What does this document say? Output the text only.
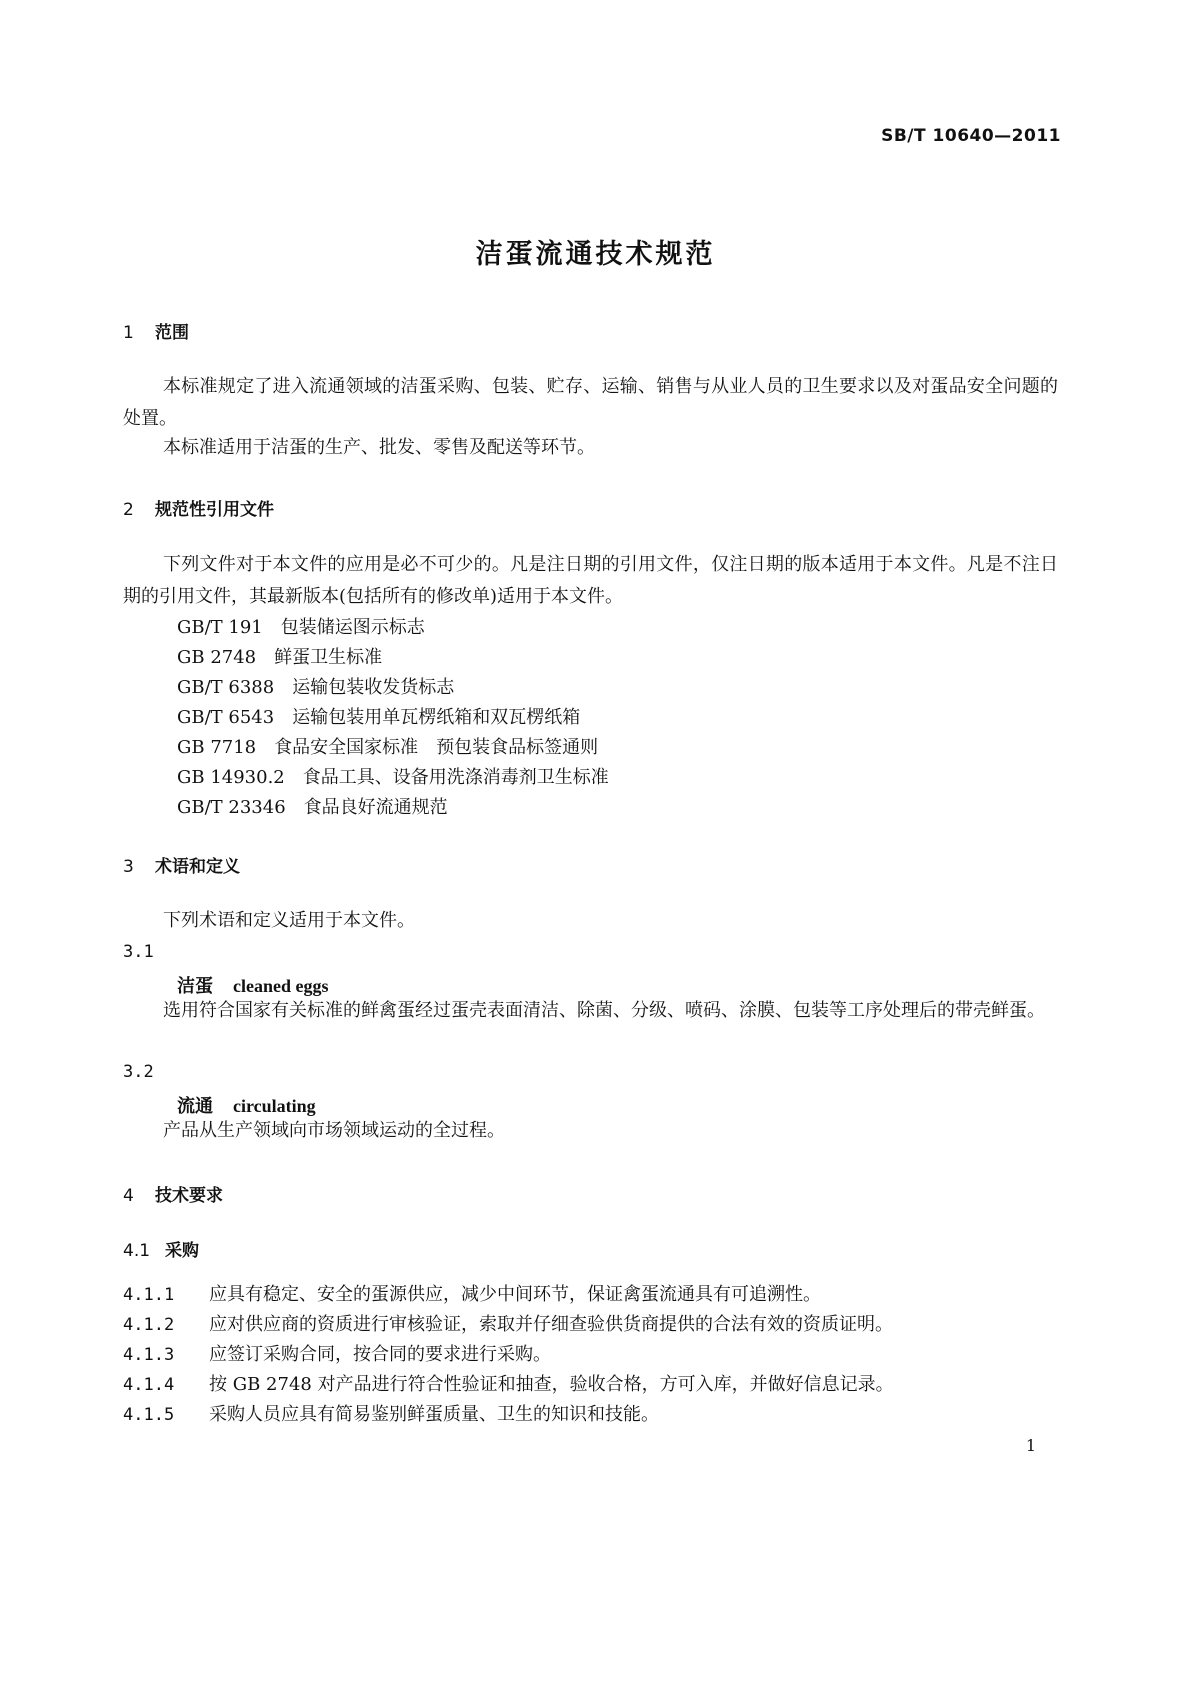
SB/T 10640—2011
洁蛋流通技术规范
1 范围
本标准规定了进入流通领域的洁蛋采购、包装、贮存、运输、销售与从业人员的卫生要求以及对蛋品安全问题的处置。
本标准适用于洁蛋的生产、批发、零售及配送等环节。
2 规范性引用文件
下列文件对于本文件的应用是必不可少的。凡是注日期的引用文件，仅注日期的版本适用于本文件。凡是不注日期的引用文件，其最新版本(包括所有的修改单)适用于本文件。
GB/T 191 包装储运图示标志
GB 2748 鲜蛋卫生标准
GB/T 6388 运输包装收发货标志
GB/T 6543 运输包装用单瓦楞纸箱和双瓦楞纸箱
GB 7718 食品安全国家标准　预包装食品标签通则
GB 14930.2 食品工具、设备用洗涤消毒剂卫生标准
GB/T 23346 食品良好流通规范
3 术语和定义
下列术语和定义适用于本文件。
3.1
洁蛋 cleaned eggs
选用符合国家有关标准的鲜禽蛋经过蛋壳表面清洁、除菌、分级、喷码、涂膜、包装等工序处理后的带壳鲜蛋。
3.2
流通 circulating
产品从生产领域向市场领域运动的全过程。
4 技术要求
4.1 采购
4.1.1 应具有稳定、安全的蛋源供应，减少中间环节，保证禽蛋流通具有可追溯性。
4.1.2 应对供应商的资质进行审核验证，索取并仔细查验供货商提供的合法有效的资质证明。
4.1.3 应签订采购合同，按合同的要求进行采购。
4.1.4 按 GB 2748 对产品进行符合性验证和抽查，验收合格，方可入库，并做好信息记录。
4.1.5 采购人员应具有简易鉴别鲜蛋质量、卫生的知识和技能。
1
